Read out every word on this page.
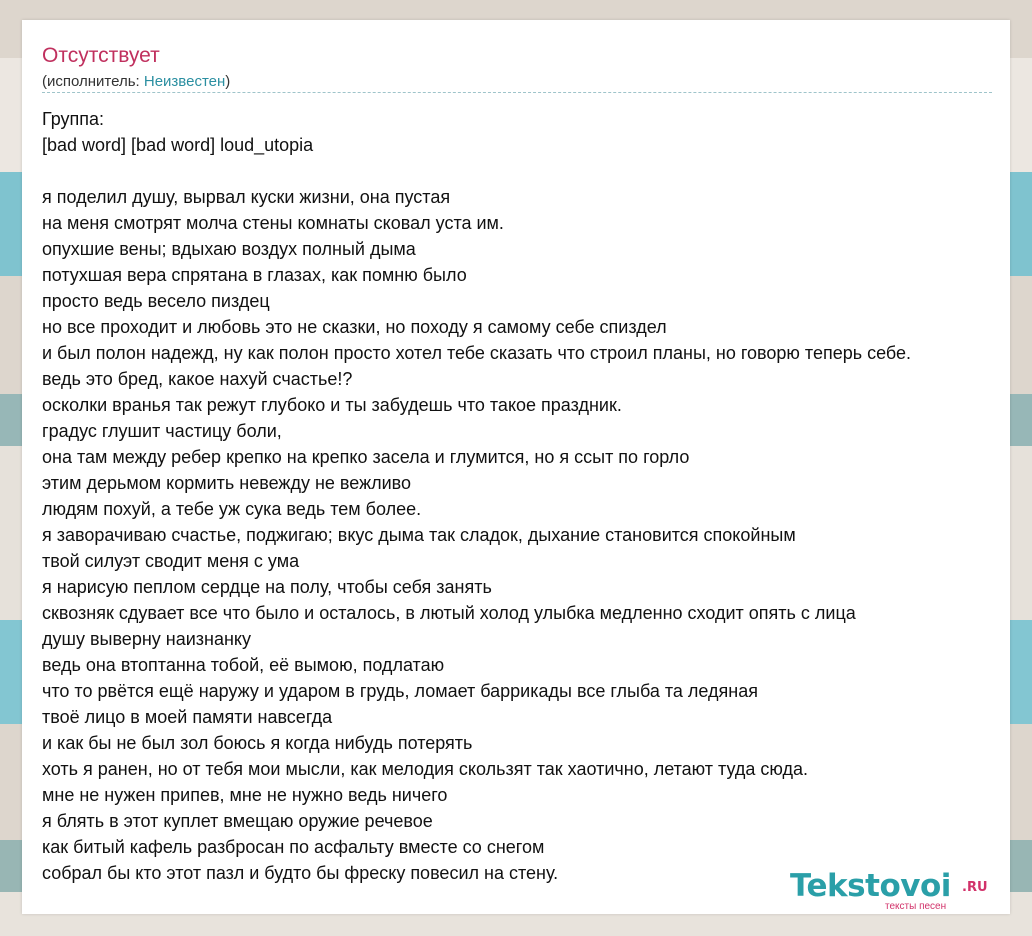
Отсутствует
(исполнитель: Неизвестен)
Группа:
[bad word] [bad word] loud_utopia
я поделил душу, вырвал куски жизни, она пустая
на меня смотрят молча стены комнаты сковал уста им.
опухшие вены; вдыхаю воздух полный дыма
потухшая вера спрятана в глазах, как помню было
просто ведь весело пиздец
но все проходит и любовь это не сказки, но походу я самому себе спиздел
и был полон надежд, ну как полон просто хотел тебе сказать что строил планы, но говорю теперь себе.
ведь это бред, какое нахуй счастье!?
осколки вранья так режут глубоко и ты забудешь что такое праздник.
градус глушит частицу боли,
она там между ребер крепко на крепко засела и глумится, но я ссыт по горло
этим дерьмом кормить невежду не вежливо
людям похуй, а тебе уж сука ведь тем более.
я заворачиваю счастье, поджигаю; вкус дыма так сладок, дыхание становится спокойным
твой силуэт сводит меня с ума
я нарисую пеплом сердце на полу, чтобы себя занять
сквозняк сдувает все что было и осталось, в лютый холод улыбка медленно сходит опять с лица
душу выверну наизнанку
ведь она втоптанна тобой, её вымою, подлатаю
что то рвётся ещё наружу и ударом в грудь, ломает баррикады все глыба та ледяная
твоё лицо в моей памяти навсегда
и как бы не был зол боюсь я когда нибудь потерять
хоть я ранен, но от тебя мои мысли, как мелодия скользят так хаотично, летают туда сюда.
мне не нужен припев, мне не нужно ведь ничего
я блять в этот куплет вмещаю оружие речевое
как битый кафель разбросан по асфальту вместе со снегом
собрал бы кто этот пазл и будто бы фреску повесил на стену.	Tekstovoi .RU
тексты песен
